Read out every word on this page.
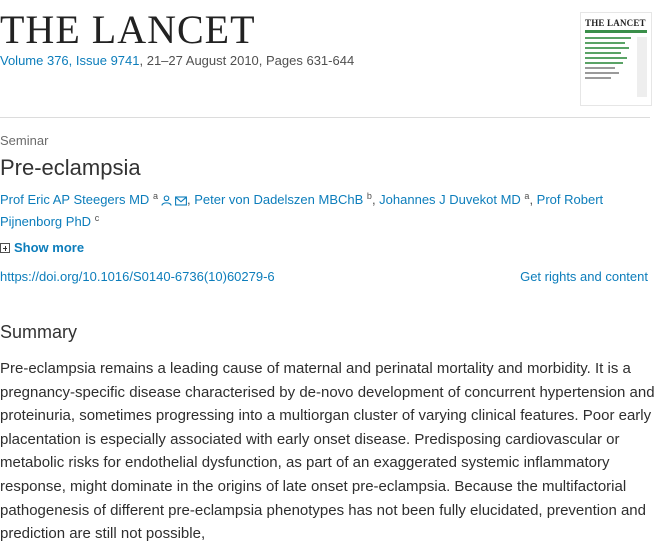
THE LANCET
Volume 376, Issue 9741, 21–27 August 2010, Pages 631-644
THE LANCET
Seminar
Pre-eclampsia
Prof Eric AP Steegers MD $^a$ , Peter von Dadelszen MBChB $^b$, Johannes J Duvekot MD $^a$, Prof Robert Pijnenborg PhD $^c$
Show more
https://doi.org/10.1016/S0140-6736(10)60279-6	Get rights and content
Summary
Pre-eclampsia remains a leading cause of maternal and perinatal mortality and morbidity. It is a pregnancy-specific disease characterised by de-novo development of concurrent hypertension and proteinuria, sometimes progressing into a multiorgan cluster of varying clinical features. Poor early placentation is especially associated with early onset disease. Predisposing cardiovascular or metabolic risks for endothelial dysfunction, as part of an exaggerated systemic inflammatory response, might dominate in the origins of late onset pre-eclampsia. Because the multifactorial pathogenesis of different pre-eclampsia phenotypes has not been fully elucidated, prevention and prediction are still not possible,
